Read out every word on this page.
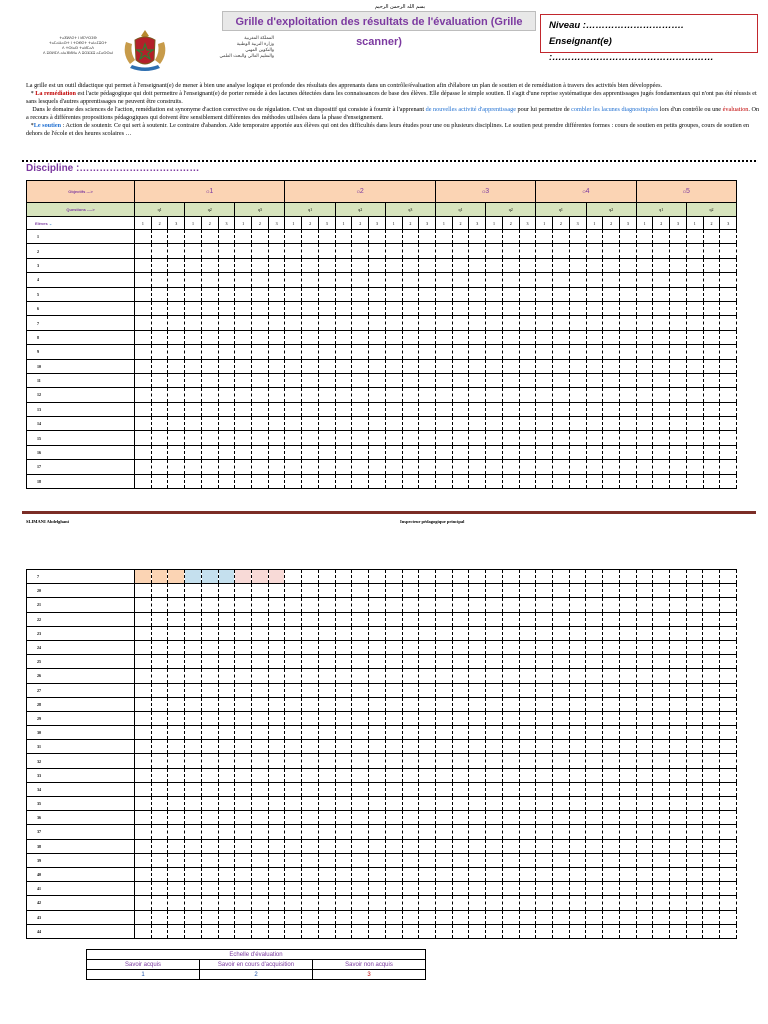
بسم الله الرحمن الرحيم
Grille d'exploitation des résultats de l'évaluation (Grille scanner)
Niveau :………………………….
Enseignant(e) :……………………………………………
ⵜⴰⴳⵍⴷⵉⵜ ⵏ ⵍⵎⵖⵔⵉⴱ
ⵜⴰⵎⴰⵡⴰⵙⵜ ⵏ ⵜⵔⴱⵉⵜ ⵜⴰⵏⴰⵎⵓⵔⵜ
ⴷ ⵜⵙⵏⴰⵙ ⵜⴰⵍⵎⴰⴷ
ⴷ ⵓⵙⵍⵎⴷ ⴰⵏⴰⴼⵍⵍⴰ ⴷ ⵓⵔⵣⵣⵓ ⴰⵎⴰⵙⵙⴰⵏ
المملكة المغربية
وزارة التربية الوطنية
والتكوين المهني
والتعليم العالي والبحث العلمي

La grille est un outil didactique qui permet à l'enseignant(e) de mener à bien une analyse logique et profonde des résultats des apprenants dans un contrôle/évaluation afin d'élabore un plan de soutien et de remédiation à travers des activités bien développées.

* La remédiation est l'acte pédagogique qui doit permettre à l'enseignant(e) de porter remède à des lacunes détectées dans les connaissances de base des élèves. Elle dépasse le simple soutien. Il s'agit d'une reprise systématique des apprentissages jugés fondamentaux qui n'ont pas été réussis et sans lesquels d'autres apprentissages ne peuvent être construits.

Dans le domaine des sciences de l'action, remédiation est synonyme d'action corrective ou de régulation. C'est un dispositif qui consiste à fournir à l'apprenant de nouvelles activité d'apprentissage pour lui permettre de combler les lacunes diagnostiquées lors d'un contrôle ou une évaluation. On a recours à différentes propositions pédagogiques qui doivent être sensiblement différentes des méthodes utilisées dans la phase d'enseignement.

*Le soutien : Action de soutenir. Ce qui sert à soutenir. Le contraire d'abandon. Aide temporaire apportée aux élèves qui ont des difficultés dans leurs études pour une ou plusieurs disciplines. Le soutien peut prendre différentes formes : cours de soutien en petits groupes, cours de soutien en dehors de l'école et des heures scolaires …

Discipline :………………………………
Objectifs --->	O1									O2									O3						O4						O5					
Questions ---->	q1			q2			q3			q1			q2			q3			q1			q2			q1			q2			q1			q2		
Elèves ⌄	1	2	3	1	2	3	1	2	3	1	2	3	1	2	3	1	2	3	1	2	3	1	2	3	1	2	3	1	2	3	1	2	3	1	2	3
1																																				
2																																				
3																																				
4																																				
5																																				
6																																				
7																																				
8																																				
9																																				
10																																				
11																																				
12																																				
13																																				
14																																				
15																																				
16																																				
17																																				
18																																				
SLIMANI Abdelghani	Inspecteur pédagogique principal
7																																				
20																																				
21																																				
22																																				
23																																				
24																																				
25																																				
26																																				
27																																				
28																																				
29																																				
30																																				
31																																				
32																																				
33																																				
34																																				
35																																				
36																																				
37																																				
38																																				
39																																				
40																																				
41																																				
42																																				
43																																				
44																																				
Echelle d'évaluation		
Savoir acquis	Savoir en cours d'acquisition	Savoir non acquis
1	2	3
